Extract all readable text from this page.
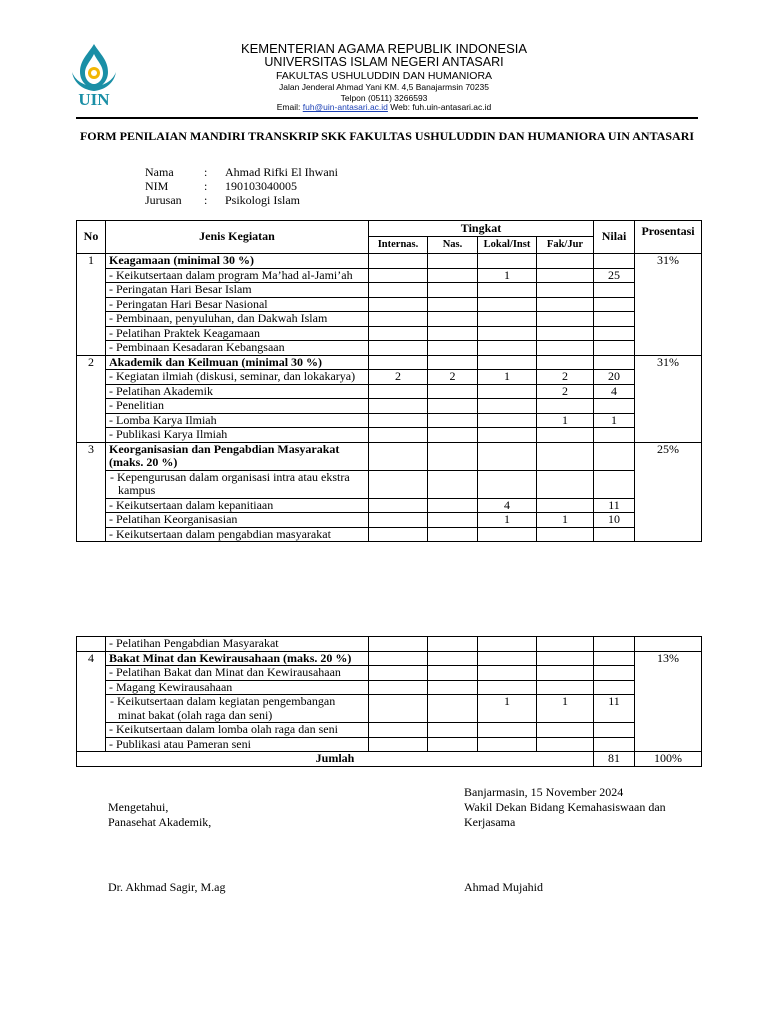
UIN
KEMENTERIAN AGAMA REPUBLIK INDONESIA
UNIVERSITAS ISLAM NEGERI ANTASARI
FAKULTAS USHULUDDIN DAN HUMANIORA
Jalan Jenderal Ahmad Yani KM. 4,5 Banajarmsin 70235
Telpon (0511) 3266593
Email: fuh@uin-antasari.ac.id Web: fuh.uin-antasari.ac.id
FORM PENILAIAN MANDIRI TRANSKRIP SKK FAKULTAS USHULUDDIN DAN HUMANIORA UIN ANTASARI
Nama	: Ahmad Rifki El Ihwani
NIM	: 190103040005
Jurusan : Psikologi Islam
No	Jenis Kegiatan	Tingkat				Nilai	Prosentasi
		Internas.	Nas.	Lokal/Inst	Fak/Jur		
1	Keagamaan (minimal 30 %)						31%
	- Keikutsertaan dalam program Ma’had al-Jami’ah			1		25	
	- Peringatan Hari Besar Islam						
	- Peringatan Hari Besar Nasional						
	- Pembinaan, penyuluhan, dan Dakwah Islam						
	- Pelatihan Praktek Keagamaan						
	- Pembinaan Kesadaran Kebangsaan						
2	Akademik dan Keilmuan (minimal 30 %)						31%
	- Kegiatan ilmiah (diskusi, seminar, dan lokakarya)	2	2	1	2	20	
	- Pelatihan Akademik				2	4	
	- Penelitian						
	- Lomba Karya Ilmiah				1	1	
	- Publikasi Karya Ilmiah						
3	Keorganisasian dan Pengabdian Masyarakat (maks. 20 %)						25%
	- Kepengurusan dalam organisasi intra atau ekstra kampus						
	- Keikutsertaan dalam kepanitiaan			4		11	
	- Pelatihan Keorganisasian			1	1	10	
	- Keikutsertaan dalam pengabdian masyarakat						
	- Pelatihan Pengabdian Masyarakat						
4	Bakat Minat dan Kewirausahaan (maks. 20 %)						13%
	- Pelatihan Bakat dan Minat dan Kewirausahaan						
	- Magang Kewirausahaan						
	- Keikutsertaan dalam kegiatan pengembangan minat bakat (olah raga dan seni)			1	1	11	
	- Keikutsertaan dalam lomba olah raga dan seni						
	- Publikasi atau Pameran seni						
Jumlah						81	100%
Banjarmasin, 15 November 2024
Mengetahui,
Panasehat Akademik,
Wakil Dekan Bidang Kemahasiswaan dan
Kerjasama
Dr. Akhmad Sagir, M.ag	Ahmad Mujahid
